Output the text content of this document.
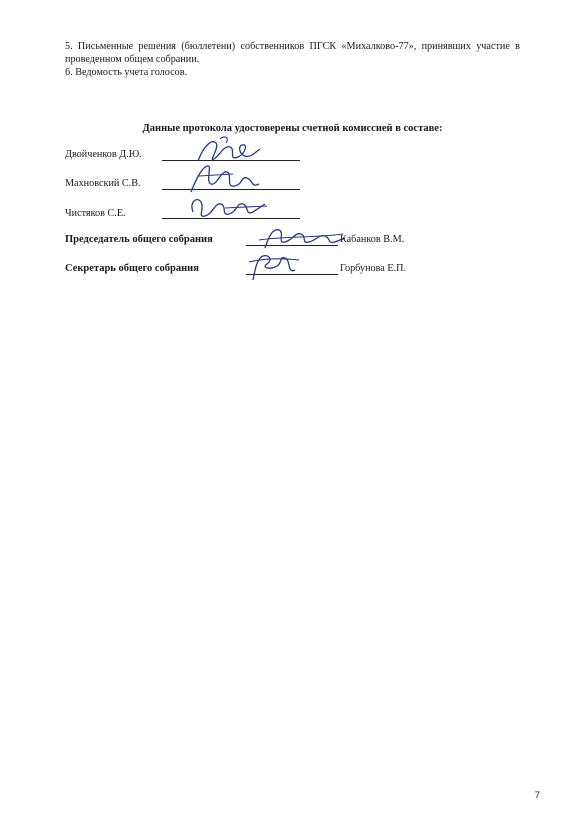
5. Письменные решения (бюллетени) собственников ПГСК «Михалково-77», принявших участие в проведенном общем собрании.
6. Ведомость учета голосов.
Данные протокола удостоверены счетной комиссией в составе:
Двойченков Д.Ю.
Махновский С.В.
Чистяков С.Е.
Председатель общего собрания	Кабанков В.М.
Секретарь общего собрания	Горбунова Е.П.
7
